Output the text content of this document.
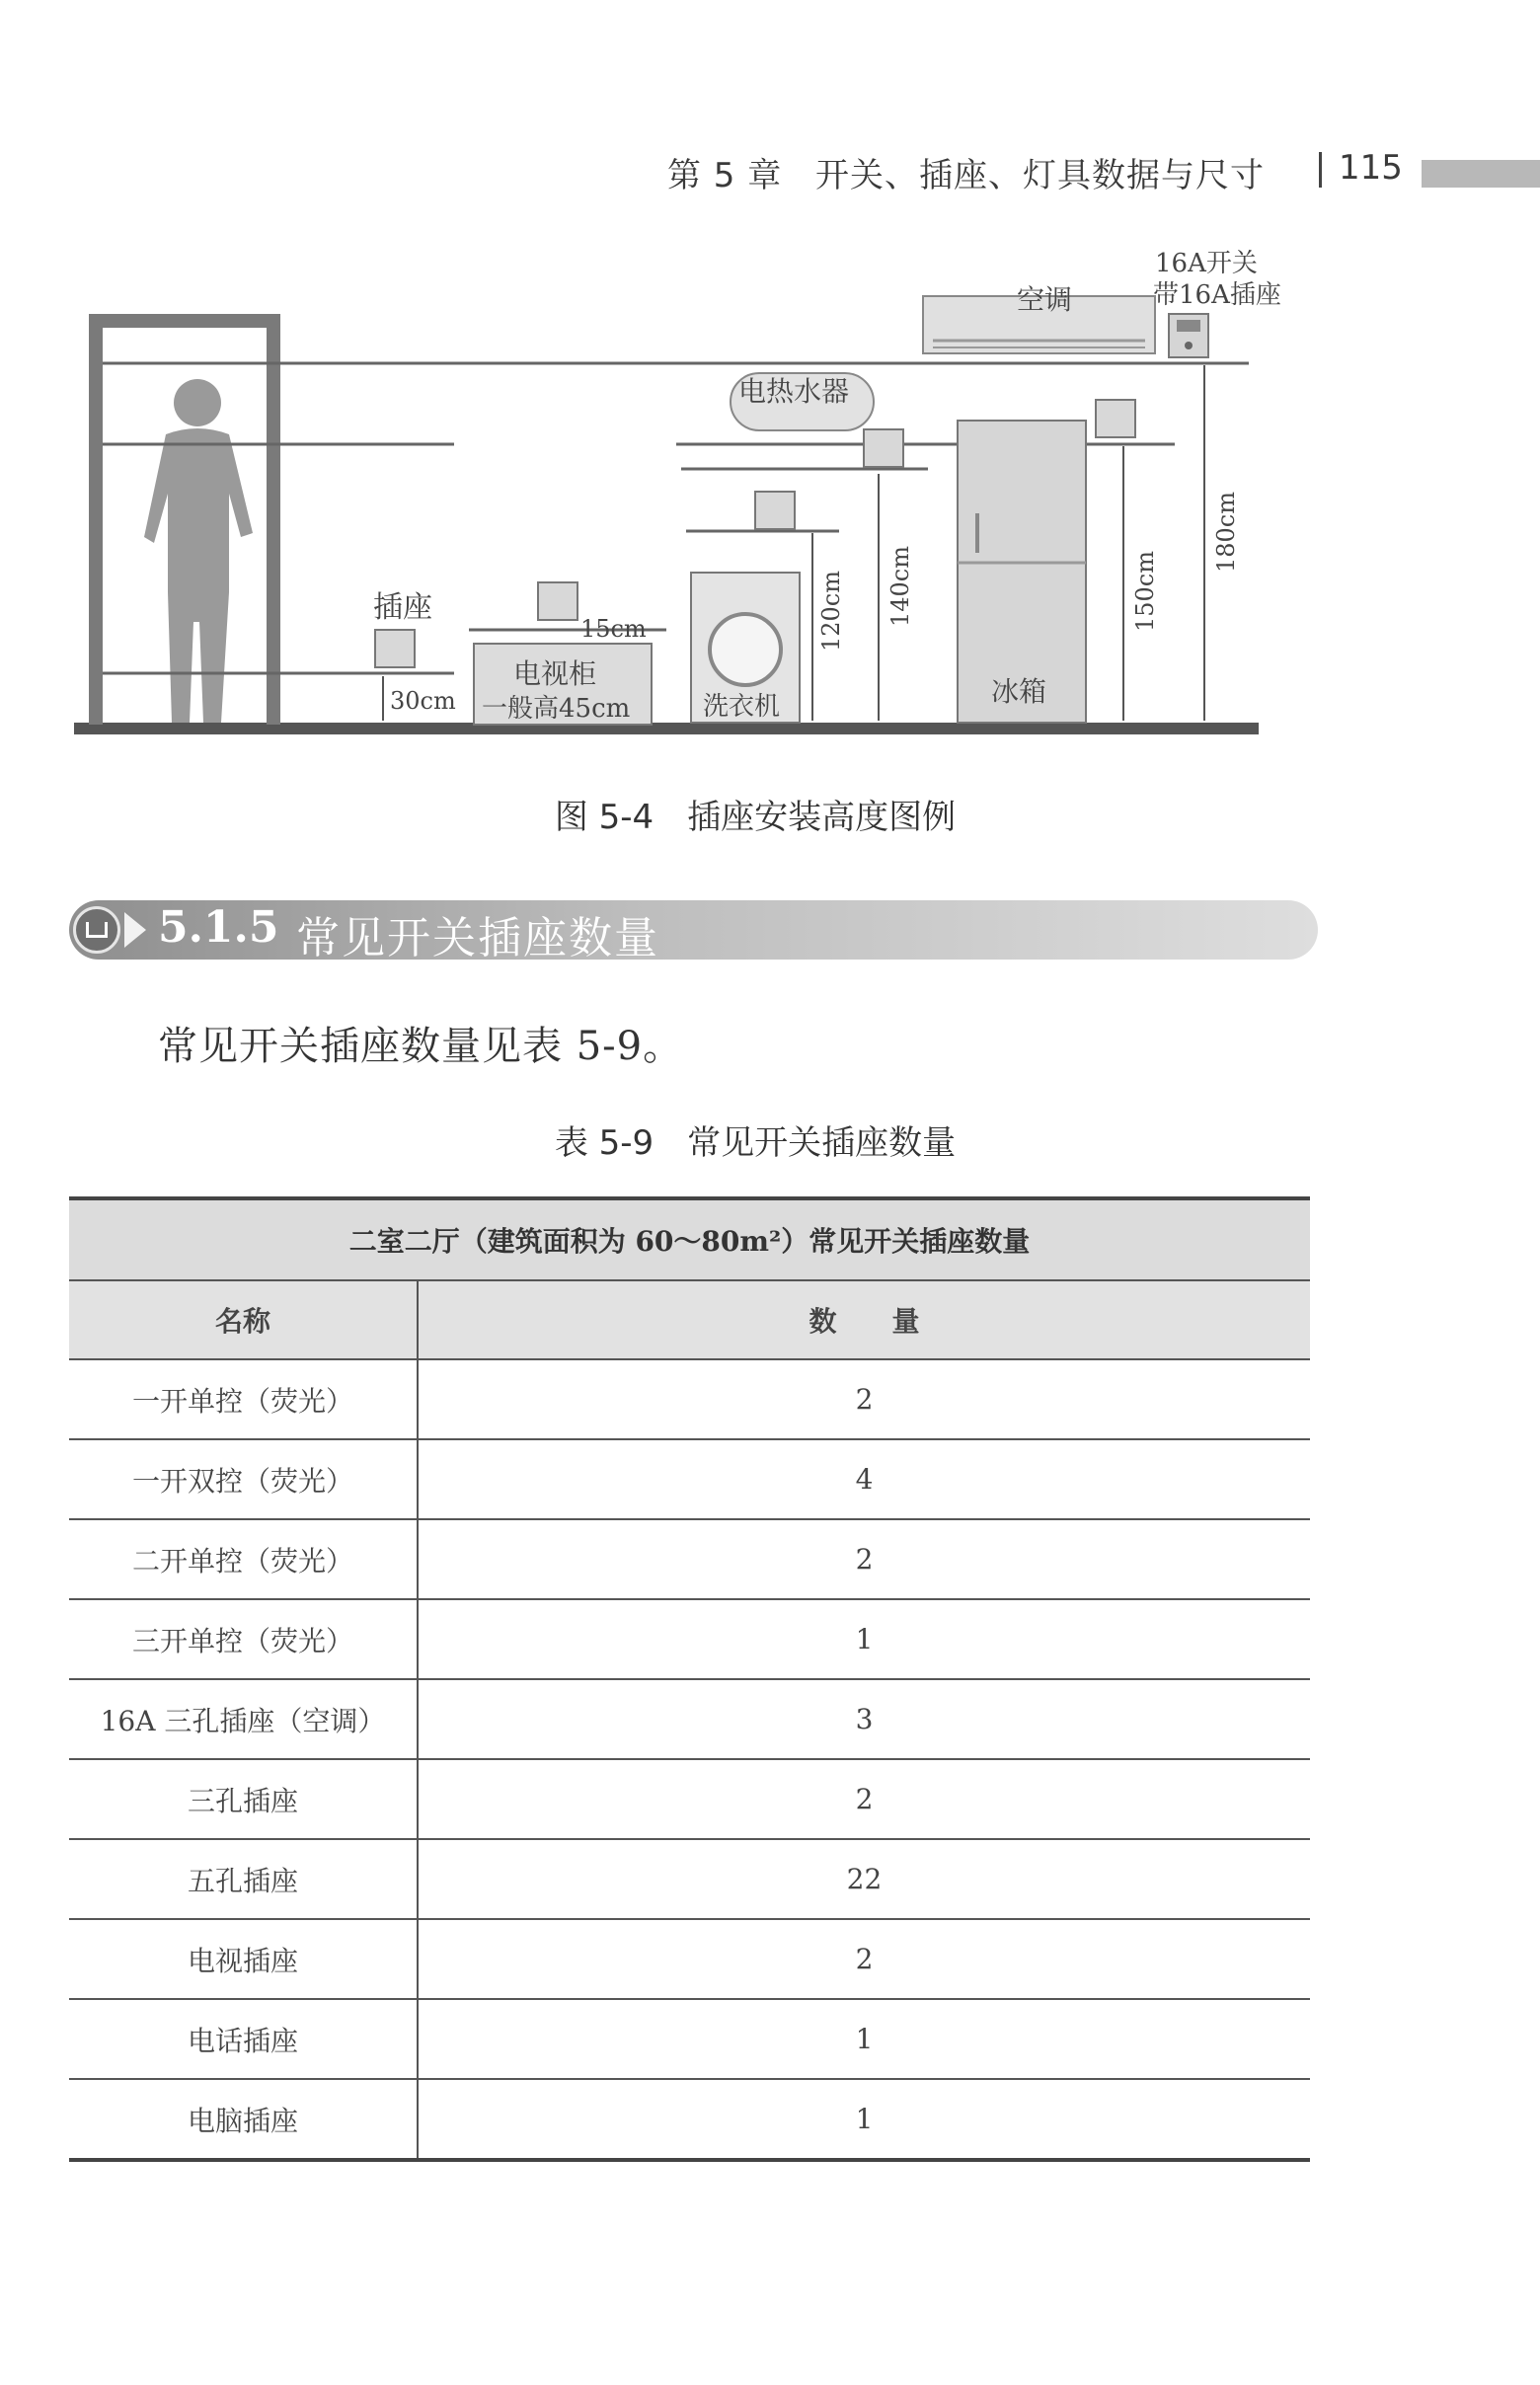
第 5 章 开关、插座、灯具数据与尺寸 115
空调
16A开关
带16A插座
电热水器
插座
电视柜
一般高45cm
15cm
30cm	洗衣机
120cm 140cm
冰箱
150cm
180cm
图 5-4　插座安装高度图例
5.1.5 常见开关插座数量
常见开关插座数量见表 5-9。
表 5-9　常见开关插座数量
二室二厅（建筑面积为 60～80m²）常见开关插座数量
名称	数　　量
一开单控（荧光）	2
一开双控（荧光）	4
二开单控（荧光）	2
三开单控（荧光）	1
16A 三孔插座（空调）	3
三孔插座	2
五孔插座	22
电视插座	2
电话插座	1
电脑插座	1
